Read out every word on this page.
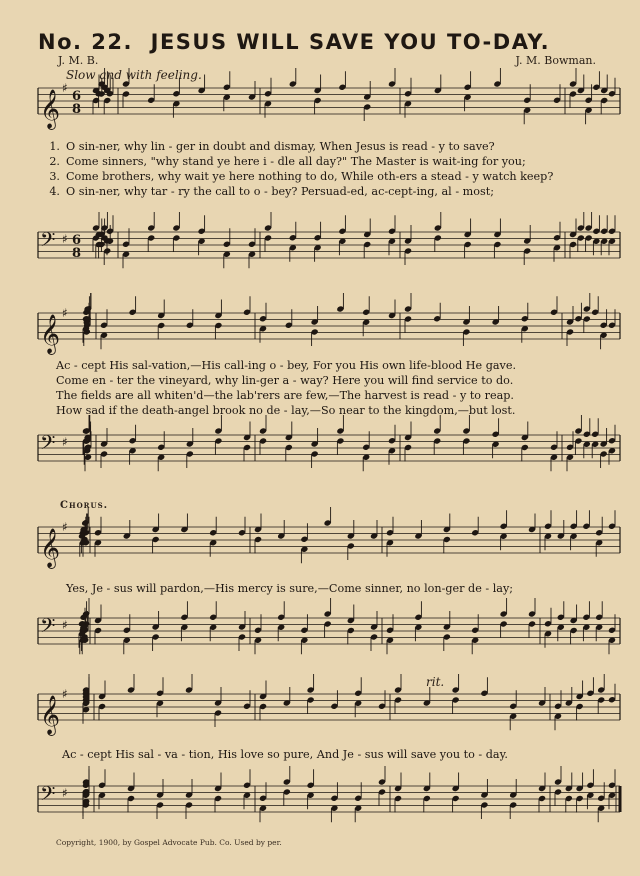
𝄞
♯
6
8
𝄢 ♯ 6
8
𝄞
♯
𝄢 ♯
𝄞
♯
𝄢 ♯
𝄞
♯
𝄢 ♯
No. 22. JESUS WILL SAVE YOU TO-DAY.
J. M. B.	J. M. Bowman.
Slow and with feeling.
1. O sin-ner, why lin - ger in doubt and dismay, When Jesus is read - y to save?
2. Come sinners, "why stand ye here i - dle all day?" The Master is wait-ing for you;
3. Come brothers, why wait ye here nothing to do, While oth-ers a stead - y watch keep?
4. O sin-ner, why tar - ry the call to o - bey? Persuad-ed, ac-cept-ing, al - most;
Ac - cept His sal-vation,—His call-ing o - bey, For you His own life-blood He gave.
Come en - ter the vineyard, why lin-ger a - way? Here you will find service to do.
The fields are all whiten'd—the lab'rers are few,—The harvest is read - y to reap.
How sad if the death-angel brook no de - lay,—So near to the kingdom,—but lost.
Chorus.
Yes, Je - sus will pardon,—His mercy is sure,—Come sinner, no lon-ger de - lay;
rit.
Ac - cept His sal - va - tion, His love so pure, And Je - sus will save you to - day.
Copyright, 1900, by Gospel Advocate Pub. Co. Used by per.
